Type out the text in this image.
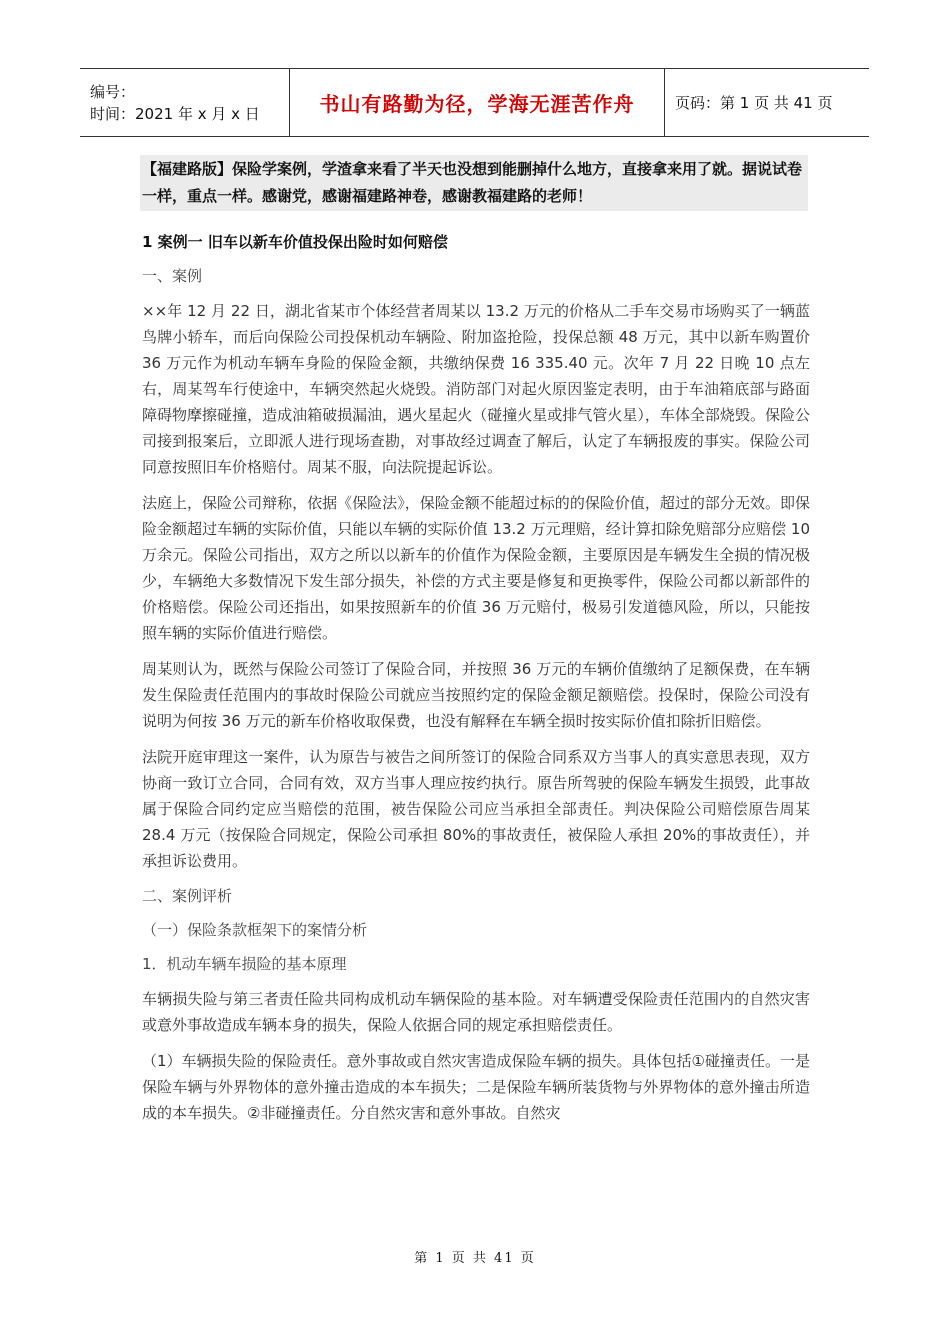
编号：
时间：2021 年 x 月 x 日	书山有路勤为径，学海无涯苦作舟	页码：第 1 页 共 41 页
【福建路版】保险学案例，学渣拿来看了半天也没想到能删掉什么地方，直接拿来用了就。据说试卷一样，重点一样。感谢党，感谢福建路神卷，感谢教福建路的老师！
1 案例一 旧车以新车价值投保出险时如何赔偿
一、案例

××年 12 月 22 日，湖北省某市个体经营者周某以 13.2 万元的价格从二手车交易市场购买了一辆蓝鸟牌小轿车，而后向保险公司投保机动车辆险、附加盗抢险，投保总额 48 万元，其中以新车购置价 36 万元作为机动车辆车身险的保险金额，共缴纳保费 16 335.40 元。次年 7 月 22 日晚 10 点左右，周某驾车行使途中，车辆突然起火烧毁。消防部门对起火原因鉴定表明，由于车油箱底部与路面障碍物摩擦碰撞，造成油箱破损漏油，遇火星起火（碰撞火星或排气管火星），车体全部烧毁。保险公司接到报案后，立即派人进行现场查勘，对事故经过调查了解后，认定了车辆报废的事实。保险公司同意按照旧车价格赔付。周某不服，向法院提起诉讼。

法庭上，保险公司辩称，依据《保险法》，保险金额不能超过标的的保险价值，超过的部分无效。即保险金额超过车辆的实际价值，只能以车辆的实际价值 13.2 万元理赔，经计算扣除免赔部分应赔偿 10 万余元。保险公司指出，双方之所以以新车的价值作为保险金额，主要原因是车辆发生全损的情况极少，车辆绝大多数情况下发生部分损失，补偿的方式主要是修复和更换零件，保险公司都以新部件的价格赔偿。保险公司还指出，如果按照新车的价值 36 万元赔付，极易引发道德风险，所以，只能按照车辆的实际价值进行赔偿。

周某则认为，既然与保险公司签订了保险合同，并按照 36 万元的车辆价值缴纳了足额保费，在车辆发生保险责任范围内的事故时保险公司就应当按照约定的保险金额足额赔偿。投保时，保险公司没有说明为何按 36 万元的新车价格收取保费，也没有解释在车辆全损时按实际价值扣除折旧赔偿。

法院开庭审理这一案件，认为原告与被告之间所签订的保险合同系双方当事人的真实意思表现，双方协商一致订立合同，合同有效，双方当事人理应按约执行。原告所驾驶的保险车辆发生损毁，此事故属于保险合同约定应当赔偿的范围，被告保险公司应当承担全部责任。判决保险公司赔偿原告周某 28.4 万元（按保险合同规定，保险公司承担 80%的事故责任，被保险人承担 20%的事故责任），并承担诉讼费用。

二、案例评析
（一）保险条款框架下的案情分析
1．机动车辆车损险的基本原理

车辆损失险与第三者责任险共同构成机动车辆保险的基本险。对车辆遭受保险责任范围内的自然灾害或意外事故造成车辆本身的损失，保险人依据合同的规定承担赔偿责任。

（1）车辆损失险的保险责任。意外事故或自然灾害造成保险车辆的损失。具体包括①碰撞责任。一是保险车辆与外界物体的意外撞击造成的本车损失；二是保险车辆所装货物与外界物体的意外撞击所造成的本车损失。②非碰撞责任。分自然灾害和意外事故。自然灾

第 1 页 共 41 页
